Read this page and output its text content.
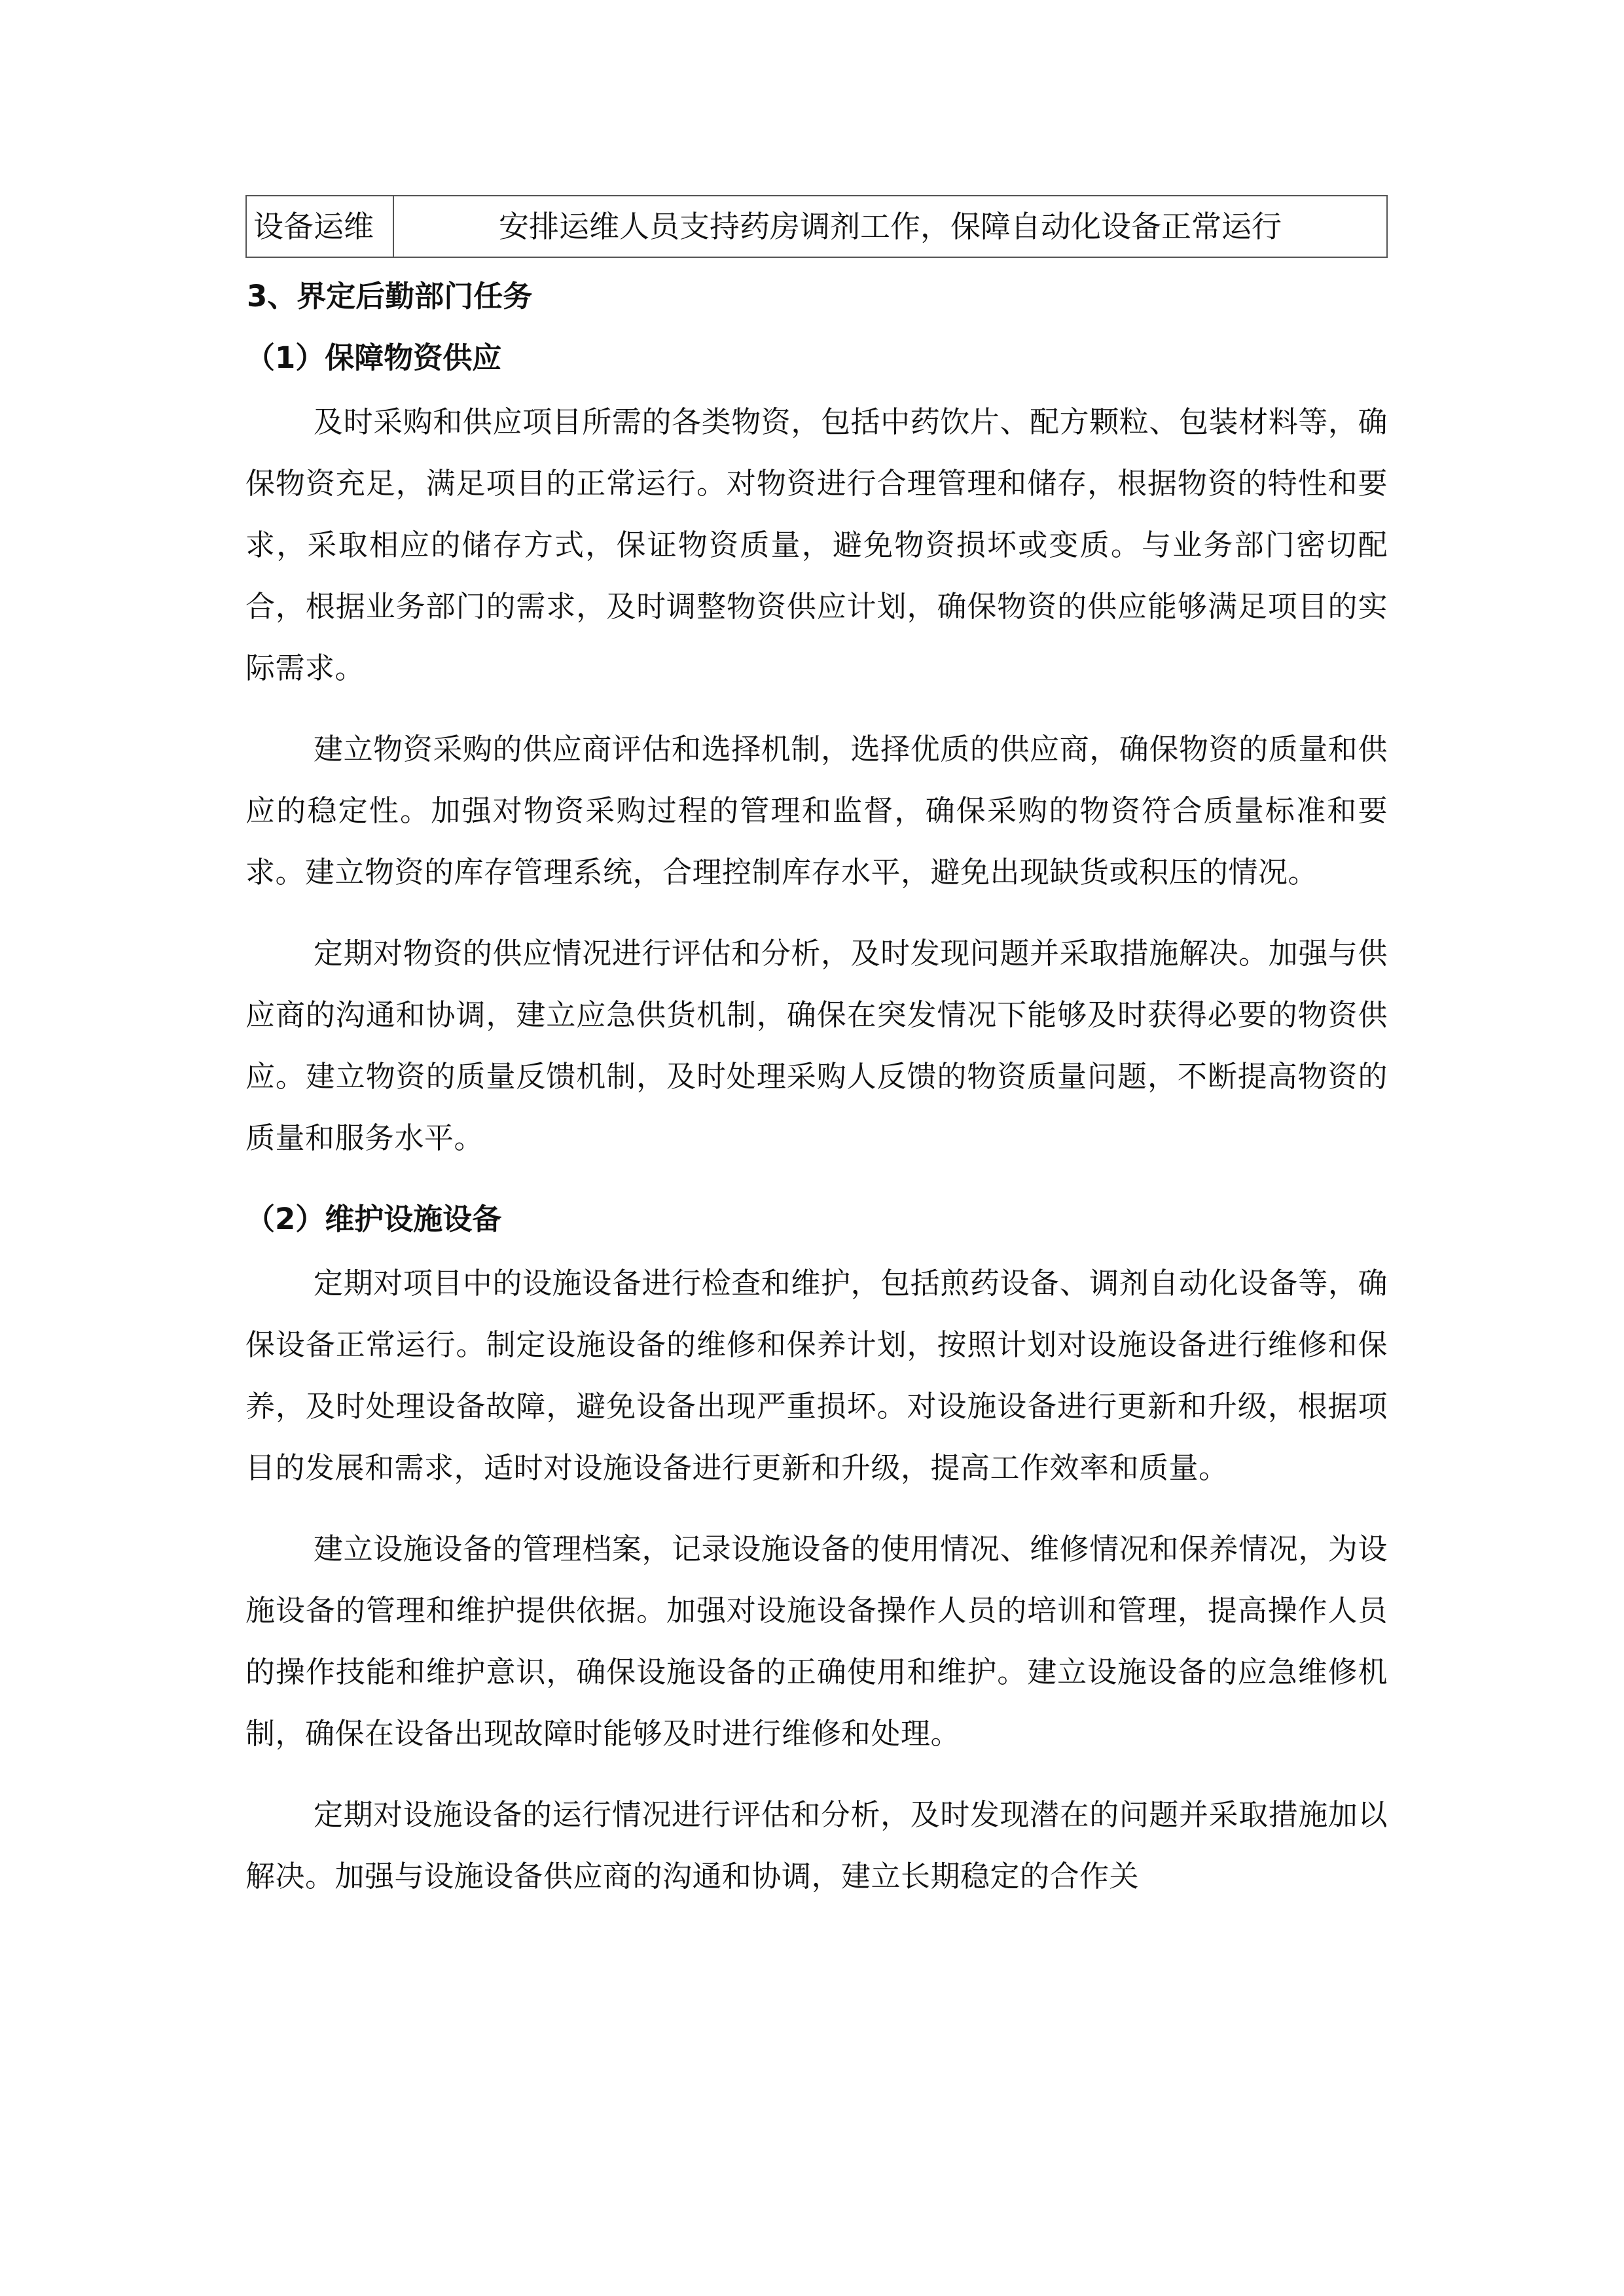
设备运维	安排运维人员支持药房调剂工作，保障自动化设备正常运行
3、界定后勤部门任务
（1）保障物资供应

及时采购和供应项目所需的各类物资，包括中药饮片、配方颗粒、包装材料等，确保物资充足，满足项目的正常运行。对物资进行合理管理和储存，根据物资的特性和要求，采取相应的储存方式，保证物资质量，避免物资损坏或变质。与业务部门密切配合，根据业务部门的需求，及时调整物资供应计划，确保物资的供应能够满足项目的实际需求。

建立物资采购的供应商评估和选择机制，选择优质的供应商，确保物资的质量和供应的稳定性。加强对物资采购过程的管理和监督，确保采购的物资符合质量标准和要求。建立物资的库存管理系统，合理控制库存水平，避免出现缺货或积压的情况。

定期对物资的供应情况进行评估和分析，及时发现问题并采取措施解决。加强与供应商的沟通和协调，建立应急供货机制，确保在突发情况下能够及时获得必要的物资供应。建立物资的质量反馈机制，及时处理采购人反馈的物资质量问题，不断提高物资的质量和服务水平。

（2）维护设施设备

定期对项目中的设施设备进行检查和维护，包括煎药设备、调剂自动化设备等，确保设备正常运行。制定设施设备的维修和保养计划，按照计划对设施设备进行维修和保养，及时处理设备故障，避免设备出现严重损坏。对设施设备进行更新和升级，根据项目的发展和需求，适时对设施设备进行更新和升级，提高工作效率和质量。

建立设施设备的管理档案，记录设施设备的使用情况、维修情况和保养情况，为设施设备的管理和维护提供依据。加强对设施设备操作人员的培训和管理，提高操作人员的操作技能和维护意识，确保设施设备的正确使用和维护。建立设施设备的应急维修机制，确保在设备出现故障时能够及时进行维修和处理。

定期对设施设备的运行情况进行评估和分析，及时发现潜在的问题并采取措施加以解决。加强与设施设备供应商的沟通和协调，建立长期稳定的合作关
